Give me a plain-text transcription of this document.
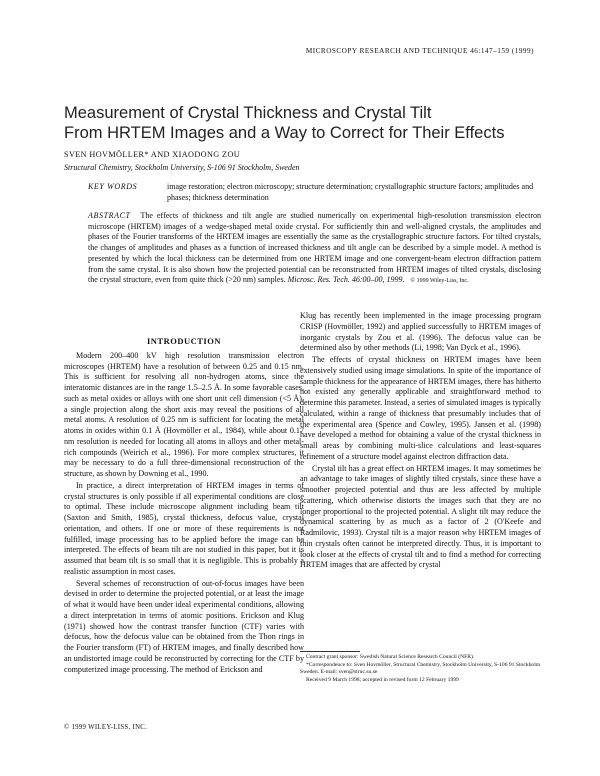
MICROSCOPY RESEARCH AND TECHNIQUE 46:147–159 (1999)
Measurement of Crystal Thickness and Crystal Tilt
From HRTEM Images and a Way to Correct for Their Effects
SVEN HOVMÖLLER* AND XIAODONG ZOU
Structural Chemistry, Stockholm University, S-106 91 Stockholm, Sweden
KEY WORDS	image restoration; electron microscopy; structure determination; crystallographic structure factors; amplitudes and phases; thickness determination
ABSTRACT The effects of thickness and tilt angle are studied numerically on experimental high-resolution transmission electron microscope (HRTEM) images of a wedge-shaped metal oxide crystal. For sufficiently thin and well-aligned crystals, the amplitudes and phases of the Fourier transforms of the HRTEM images are essentially the same as the crystallographic structure factors. For tilted crystals, the changes of amplitudes and phases as a function of increased thickness and tilt angle can be described by a simple model. A method is presented by which the local thickness can be determined from one HRTEM image and one convergent-beam electron diffraction pattern from the same crystal. It is also shown how the projected potential can be reconstructed from HRTEM images of tilted crystals, disclosing the crystal structure, even from quite thick (>20 nm) samples. Microsc. Res. Tech. 46:00–00, 1999. © 1999 Wiley-Liss, Inc.
INTRODUCTION

Modern 200–400 kV high resolution transmission electron microscopes (HRTEM) have a resolution of between 0.25 and 0.15 nm. This is sufficient for resolving all non-hydrogen atoms, since the interatomic distances are in the range 1.5–2.5 Å. In some favorable cases, such as metal oxides or alloys with one short unit cell dimension (<5 Å), a single projection along the short axis may reveal the positions of all metal atoms. A resolution of 0.25 nm is sufficient for locating the metal atoms in oxides within 0.1 Å (Hovmöller et al., 1984), while about 0.17 nm resolution is needed for locating all atoms in alloys and other metal-rich compounds (Weirich et al., 1996). For more complex structures, it may be necessary to do a full three-dimensional reconstruction of the structure, as shown by Downing et al., 1990.

In practice, a direct interpretation of HRTEM images in terms of crystal structures is only possible if all experimental conditions are close to optimal. These include microscope alignment including beam tilt (Saxton and Smith, 1985), crystal thickness, defocus value, crystal orientation, and others. If one or more of these requirements is not fulfilled, image processing has to be applied before the image can be interpreted. The effects of beam tilt are not studied in this paper, but it is assumed that beam tilt is so small that it is negligible. This is probably a realistic assumption in most cases.

Several schemes of reconstruction of out-of-focus images have been devised in order to determine the projected potential, or at least the image of what it would have been under ideal experimental conditions, allowing a direct interpretation in terms of atomic positions. Erickson and Klug (1971) showed how the contrast transfer function (CTF) varies with defocus, how the defocus value can be obtained from the Thon rings in the Fourier transform (FT) of HRTEM images, and finally described how an undistorted image could be reconstructed by correcting for the CTF by computerized image processing. The method of Erickson and

Klug has recently been implemented in the image processing program CRISP (Hovmöller, 1992) and applied successfully to HRTEM images of inorganic crystals by Zou et al. (1996). The defocus value can be determined also by other methods (Li, 1998; Van Dyck et al., 1996).

The effects of crystal thickness on HRTEM images have been extensively studied using image simulations. In spite of the importance of sample thickness for the appearance of HRTEM images, there has hitherto not existed any generally applicable and straightforward method to determine this parameter. Instead, a series of simulated images is typically calculated, within a range of thickness that presumably includes that of the experimental area (Spence and Cowley, 1995). Jansen et al. (1998) have developed a method for obtaining a value of the crystal thickness in small areas by combining multi-slice calculations and least-squares refinement of a structure model against electron diffraction data.

Crystal tilt has a great effect on HRTEM images. It may sometimes be an advantage to take images of slightly tilted crystals, since these have a smoother projected potential and thus are less affected by multiple scattering, which otherwise distorts the images such that they are no longer proportional to the projected potential. A slight tilt may reduce the dynamical scattering by as much as a factor of 2 (O'Keefe and Radmilovic, 1993). Crystal tilt is a major reason why HRTEM images of thin crystals often cannot be interpreted directly. Thus, it is important to look closer at the effects of crystal tilt and to find a method for correcting HRTEM images that are affected by crystal

Contract grant sponsor: Swedish Natural Science Research Council (NFR).
*Correspondence to: Sven Hovmöller, Structural Chemistry, Stockholm University, S-106 91 Stockholm Sweden. E-mail: sven@struc.su.se
Received 9 March 1998; accepted in revised form 12 February 1999
© 1999 WILEY-LISS, INC.
